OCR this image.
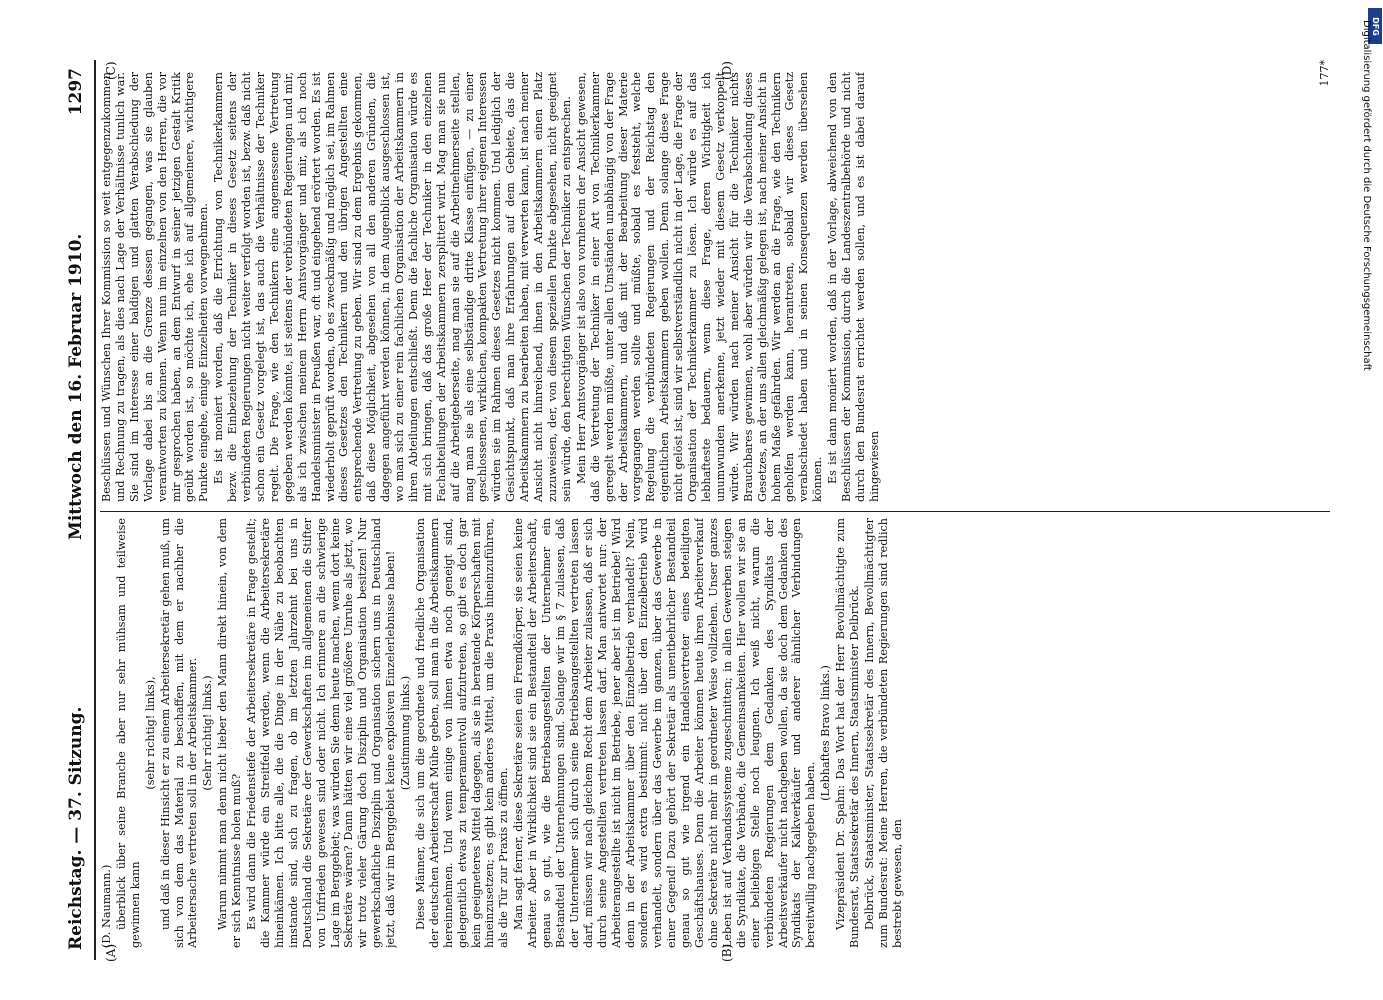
Reichstag. — 37. Sitzung.
Mittwoch den 16. Februar 1910.
1297

(D. Naumann.) überblick über seine Branche aber nur sehr mühsam und teilweise gewinnen kann

(sehr richtig! links), und daß in dieser Hinsicht er zu einem Arbeitersekretär gehen muß, um sich von dem das Material zu beschaffen, mit dem er nachher die Arbeitersache vertreten soll in der Arbeitskammer. (Sehr richtig! links.) Warum nimmt man denn nicht lieber den Mann direkt hinein, von dem er sich Kenntnisse holen muß? Es wird dann die Friedenstiefe der Arbeitersekretäre in Frage gestellt; die Kammer würde ein Streitfeld werden, wenn die Arbeitersekretäre hineinkämen. Ich bitte alle, die die Dinge in der Nähe zu beobachten imstande sind, sich zu fragen, ob im letzten Jahrzehnt bei uns in Deutschland die Sekretäre der Gewerkschaften im allgemeinen die Stifter von Unfrieden gewesen sind oder nicht. Ich erinnere an die schwierige Lage im Berggebiet; was würden Sie denn heute machen, wenn dort keine Sekretäre wären? Dann hätten wir eine viel größere Unruhe als jetzt, wo wir trotz vieler Gärung doch Disziplin und Organisation besitzen! Nur gewerkschaftliche Disziplin und Organisation sichern uns in Deutschland jetzt, daß wir im Berggebiet keine explosiven Einzelerlebnisse haben! (Zustimmung links.) Diese Männer, die sich um die geordnete und friedliche Organisation der deutschen Arbeiterschaft Mühe geben, soll man in die Arbeitskammern hereinnehmen. Und wenn einige von ihnen etwa noch geneigt sind, gelegentlich etwas zu temperamentvoll aufzutreten, so gibt es doch gar kein geeigneteres Mittel dagegen, als sie in beratende Körperschaften mit hineinzusetzen; es gibt kein anderes Mittel, um die Praxis hineinzuführen, als die Tür zur Praxis zu öffnen. Man sagt ferner, diese Sekretäre seien ein Fremdkörper, sie seien keine Arbeiter. Aber in Wirklichkeit sind sie ein Bestandteil der Arbeiterschaft, genau so gut, wie die Betriebsangestellten der Unternehmer ein Bestandteil der Unternehmungen sind. Solange wir im § 7 zulassen, daß der Unternehmer sich durch seine Betriebsangestellten vertreten lassen darf, müssen wir nach gleichem Recht dem Arbeiter zulassen, daß er sich durch seine Angestellten vertreten lassen darf. Man antwortet nur: der Arbeiterangestellte ist nicht im Betriebe, jener aber ist im Betriebe! Wird denn in der Arbeitskammer über den Einzelbetrieb verhandelt? Nein, sondern es wird extra bestimmt: nicht über den Einzelbetrieb wird verhandelt, sondern über das Gewerbe im ganzen, über das Gewerbe in einer Gegend! Dazu gehört der Sekretär als unentbehrlicher Bestandteil genau so gut wie irgend ein Handelsvertreter eines beteiligten Geschäftshauses. Denn die Arbeiter können heute ihren Arbeiterverkauf ohne Sekretäre nicht mehr in geordneter Weise vollziehen. Unser ganzes Leben ist auf Verbandssysteme zugeschnitten; in allen Gewerben steigen die Syndikate, die Verbände, die Gemeinsamkeiten. Hier wollen wir sie an einer beliebigen Stelle noch leugnen. Ich weiß nicht, warum die verbündeten Regierungen dem Gedanken des Syndikats der Arbeitsverkäufer nicht nachgeben wollen, da sie doch dem Gedanken des Syndikats der Kalkverkäufer und anderer ähnlicher Verbindungen bereitwillig nachgegeben haben.

(Lebhaftes Bravo links.) Vizepräsident Dr. Spahn: Das Wort hat der Herr Bevollmächtigte zum Bundesrat, Staatssekretär des Innern, Staatsminister Delbrück. Delbrück, Staatsminister, Staatssekretär des Innern, Bevollmächtigter zum Bundesrat: Meine Herren, die verbündeten Regierungen sind redlich bestrebt gewesen, den

Beschlüssen und Wünschen Ihrer Kommission so weit entgegenzukommen und Rechnung zu tragen, als dies nach Lage der Verhältnisse tunlich war. Sie sind im Interesse einer baldigen und glatten Verabschiedung der Vorlage dabei bis an die Grenze dessen gegangen, was sie glauben verantworten zu können. Wenn nun im einzelnen von den Herren, die vor mir gesprochen haben, an dem Entwurf in seiner jetzigen Gestalt Kritik geübt worden ist, so möchte ich, ehe ich auf allgemeinere, wichtigere Punkte eingehe, einige Einzelheiten vorwegnehmen. Es ist moniert worden, daß die Errichtung von Technikerkammern bezw. die Einbeziehung der Techniker in dieses Gesetz seitens der verbündeten Regierungen nicht weiter verfolgt worden ist, bezw. daß nicht schon ein Gesetz vorgelegt ist, das auch die Verhältnisse der Techniker regelt. Die Frage, wie den Technikern eine angemessene Vertretung gegeben werden könnte, ist seitens der verbündeten Regierungen und mir, als ich zwischen meinem Herrn Amtsvorgänger und mir, als ich noch Handelsminister in Preußen war, oft und eingehend erörtert worden. Es ist wiederholt geprüft worden, ob es zweckmäßig und möglich sei, im Rahmen dieses Gesetzes den Technikern und den übrigen Angestellten eine entsprechende Vertretung zu geben. Wir sind zu dem Ergebnis gekommen, daß diese Möglichkeit, abgesehen von all den anderen Gründen, die dagegen angeführt werden können, in dem Augenblick ausgeschlossen ist, wo man sich zu einer rein fachlichen Organisation der Arbeitskammern in ihren Abteilungen entschließt. Denn die fachliche Organisation würde es mit sich bringen, daß das große Heer der Techniker in den einzelnen Fachabteilungen der Arbeitskammern zersplittert wird. Mag man sie nun auf die Arbeitgeberseite, mag man sie auf die Arbeitnehmerseite stellen, mag man sie als eine selbständige dritte Klasse einfügen, — zu einer geschlossenen, wirklichen, kompakten Vertretung ihrer eigenen Interessen würden sie im Rahmen dieses Gesetzes nicht kommen. Und lediglich der Gesichtspunkt, daß man ihre Erfahrungen auf dem Gebiete, das die Arbeitskammern zu bearbeiten haben, mit verwerten kann, ist nach meiner Ansicht nicht hinreichend, ihnen in den Arbeitskammern einen Platz zuzuweisen, der, von diesem speziellen Punkte abgesehen, nicht geeignet sein würde, den berechtigten Wünschen der Techniker zu entsprechen. Mein Herr Amtsvorgänger ist also von vornherein der Ansicht gewesen, daß die Vertretung der Techniker in einer Art von Technikerkammer geregelt werden müßte, unter allen Umständen unabhängig von der Frage der Arbeitskammern, und daß mit der Bearbeitung dieser Materie vorgegangen werden sollte und müßte, sobald es feststeht, welche Regelung die verbündeten Regierungen und der Reichstag den eigentlichen Arbeitskammern geben wollen. Denn solange diese Frage nicht gelöst ist, sind wir selbstverständlich nicht in der Lage, die Frage der Organisation der Technikerkammer zu lösen. Ich würde es auf das lebhafteste bedauern, wenn diese Frage, deren Wichtigkeit ich unumwunden anerkenne, jetzt wieder mit diesem Gesetz verkoppelt würde. Wir würden nach meiner Ansicht für die Techniker nichts Brauchbares gewinnen, wohl aber würden wir die Verabschiedung dieses Gesetzes, an der uns allen gleichmäßig gelegen ist, nach meiner Ansicht in hohem Maße gefährden. Wir werden an die Frage, wie den Technikern geholfen werden kann, herantreten, sobald wir dieses Gesetz verabschiedet haben und in seinen Konsequenzen werden übersehen können. Es ist dann moniert worden, daß in der Vorlage, abweichend von den Beschlüssen der Kommission, durch die Landeszentralbehörde und nicht durch den Bundesrat errichtet werden sollen, und es ist dabei darauf hingewiesen

(A)	(B)
(C)	(D)	177*
DFG
Digitalisierung gefördert durch die Deutsche Forschungsgemeinschaft
